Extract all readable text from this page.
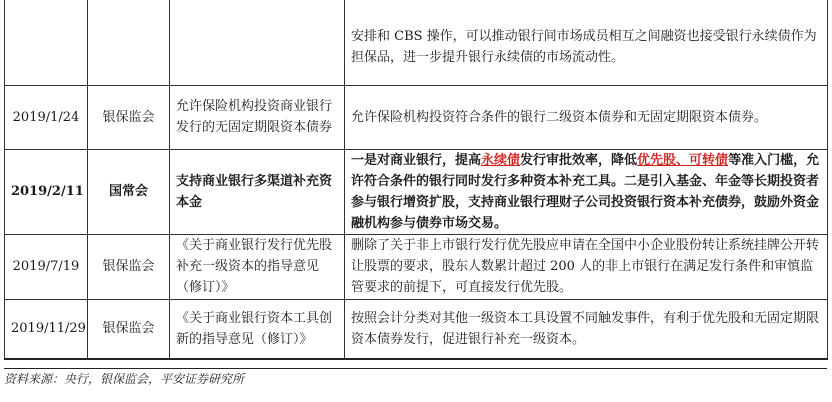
			安排和 CBS 操作，可以推动银行间市场成员相互之间融资也接受银行永续债作为担保品，进一步提升银行永续债的市场流动性。
2019/1/24	银保监会	允许保险机构投资商业银行发行的无固定期限资本债券	允许保险机构投资符合条件的银行二级资本债券和无固定期限资本债券。
2019/2/11	国常会	支持商业银行多渠道补充资本金	一是对商业银行，提高永续债发行审批效率，降低优先股、可转债等准入门槛，允许符合条件的银行同时发行多种资本补充工具。二是引入基金、年金等长期投资者参与银行增资扩股，支持商业银行理财子公司投资银行资本补充债券，鼓励外资金融机构参与债券市场交易。
2019/7/19	银保监会	《关于商业银行发行优先股补充一级资本的指导意见（修订）》	删除了关于非上市银行发行优先股应申请在全国中小企业股份转让系统挂牌公开转让股票的要求，股东人数累计超过 200 人的非上市银行在满足发行条件和审慎监管要求的前提下，可直接发行优先股。
2019/11/29	银保监会	《关于商业银行资本工具创新的指导意见（修订）》	按照会计分类对其他一级资本工具设置不同触发事件，有利于优先股和无固定期限资本债券发行，促进银行补充一级资本。
资料来源：央行，银保监会，平安证券研究所
